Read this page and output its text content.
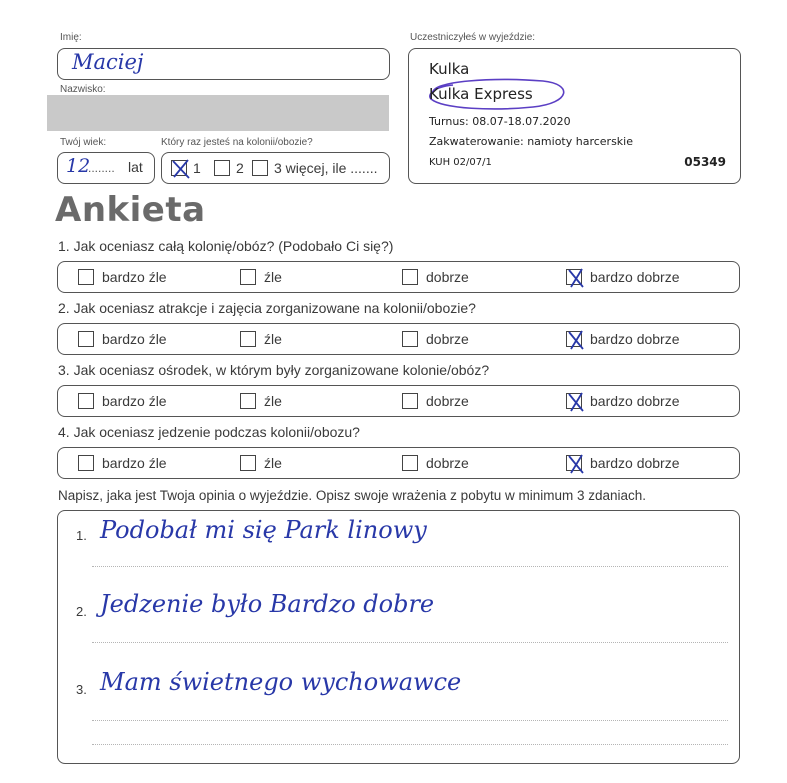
Imię:
Maciej
Nazwisko:
Twój wiek:
12
........ lat
Który raz jesteś na kolonii/obozie?
1	2 3 więcej, ile .......
Uczestniczyłeś w wyjeździe:
Kulka
Kulka Express
Turnus: 08.07-18.07.2020
Zakwaterowanie: namioty harcerskie
KUH 02/07/1	05349
Ankieta
1. Jak oceniasz całą kolonię/obóz? (Podobało Ci się?)
bardzo źle	źle	dobrze	bardzo dobrze
2. Jak oceniasz atrakcje i zajęcia zorganizowane na kolonii/obozie?
bardzo źle	źle	dobrze	bardzo dobrze
3. Jak oceniasz ośrodek, w którym były zorganizowane kolonie/obóz?
bardzo źle	źle	dobrze	bardzo dobrze
4. Jak oceniasz jedzenie podczas kolonii/obozu?
bardzo źle	źle	dobrze	bardzo dobrze
Napisz, jaka jest Twoja opinia o wyjeździe. Opisz swoje wrażenia z pobytu w minimum 3 zdaniach.
1. Podobał mi się Park linowy
2. Jedzenie było Bardzo dobre
3. Mam świetnego wychowawce
